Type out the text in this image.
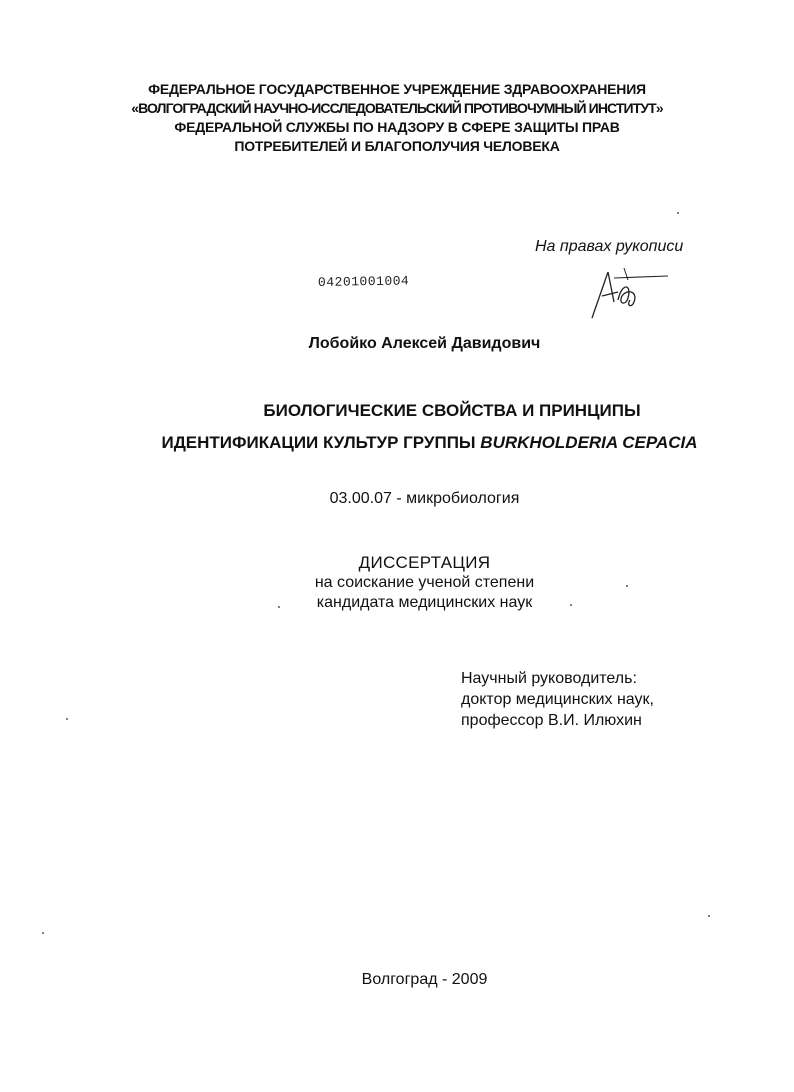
ФЕДЕРАЛЬНОЕ ГОСУДАРСТВЕННОЕ УЧРЕЖДЕНИЕ ЗДРАВООХРАНЕНИЯ
«ВОЛГОГРАДСКИЙ НАУЧНО-ИССЛЕДОВАТЕЛЬСКИЙ ПРОТИВОЧУМНЫЙ ИНСТИТУТ»
ФЕДЕРАЛЬНОЙ СЛУЖБЫ ПО НАДЗОРУ В СФЕРЕ ЗАЩИТЫ ПРАВ
ПОТРЕБИТЕЛЕЙ И БЛАГОПОЛУЧИЯ ЧЕЛОВЕКА
На правах рукописи
04201001004
Лобойко Алексей Давидович
БИОЛОГИЧЕСКИЕ СВОЙСТВА И ПРИНЦИПЫ
ИДЕНТИФИКАЦИИ КУЛЬТУР ГРУППЫ BURKHOLDERIA CEPACIA
03.00.07 - микробиология
ДИССЕРТАЦИЯ
на соискание ученой степени
кандидата медицинских наук
Научный руководитель:
доктор медицинских наук,
профессор В.И. Илюхин
Волгоград - 2009
